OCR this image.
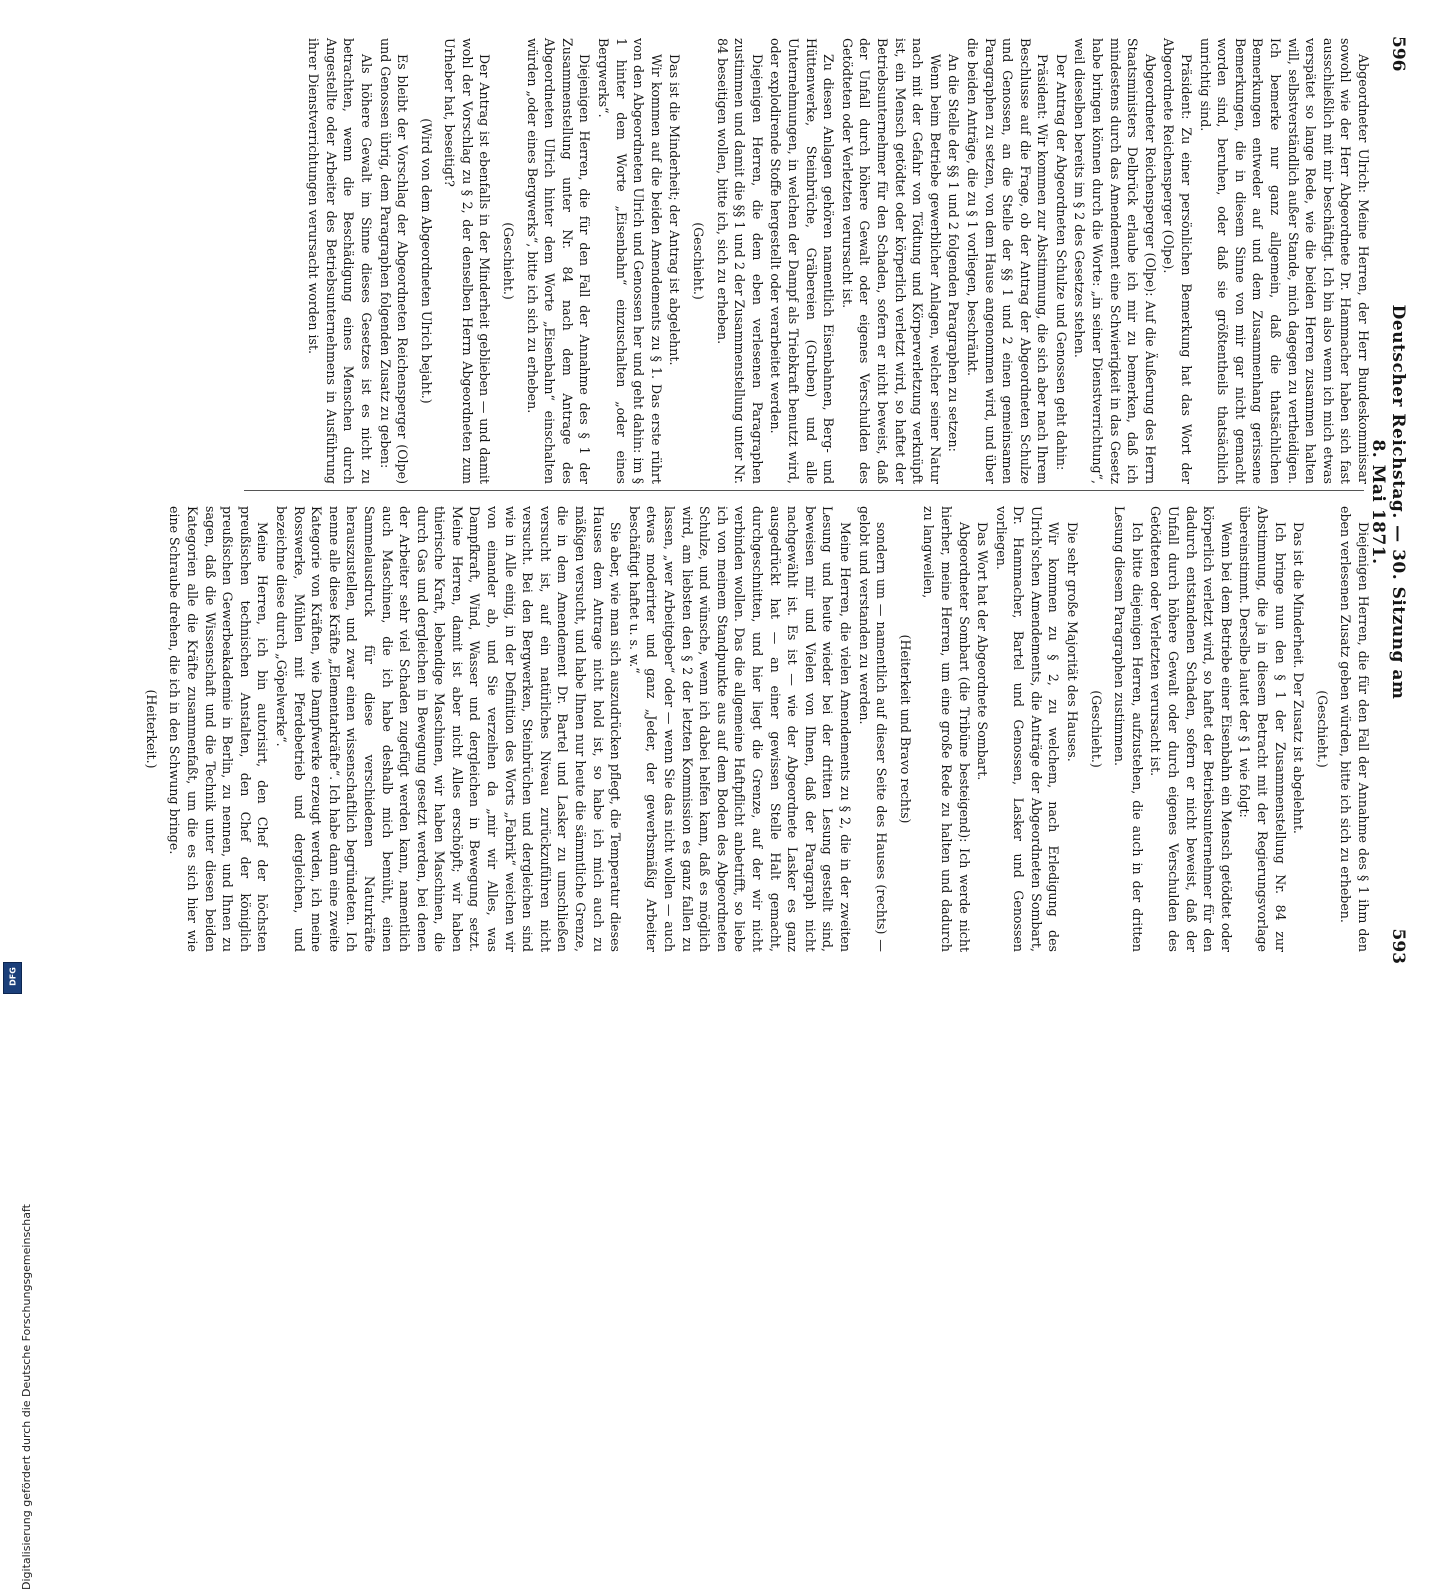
596
Deutscher Reichstag. — 30. Sitzung am 8. Mai 1871.
593

Abgeordneter Ulrich: Meine Herren, der Herr Bundeskommissar sowohl wie der Herr Abgeordnete Dr. Hammacher haben sich fast ausschließlich mit mir beschäftigt. Ich bin also wenn ich mich etwas verspätet so lange Rede, wie die beiden Herren zusammen halten will, selbstverständlich außer Stande, mich dagegen zu vertheidigen. Ich bemerke nur ganz allgemein, daß die thatsächlichen Bemerkungen entweder auf und dem Zusammenhang gerissene Bemerkungen, die in diesem Sinne von mir gar nicht gemacht worden sind, beruhen, oder daß sie größtentheils thatsächlich unrichtig sind.

Präsident: Zu einer persönlichen Bemerkung hat das Wort der Abgeordnete Reichensperger (Olpe).

Abgeordneter Reichensperger (Olpe): Auf die Äußerung des Herrn Staatsministers Delbrück erlaube ich mir zu bemerken, daß ich mindestens durch das Amendement eine Schwierigkeit in das Gesetz habe bringen können durch die Worte: „in seiner Dienstverrichtung“, weil dieselben bereits im § 2 des Gesetzes stehen.

Der Antrag der Abgeordneten Schulze und Genossen geht dahin:

Präsident: Wir kommen zur Abstimmung, die sich aber nach Ihrem Beschlusse auf die Frage, ob der Antrag der Abgeordneten Schulze und Genossen, an die Stelle der §§ 1 und 2 einen gemeinsamen Paragraphen zu setzen, von dem Hause angenommen wird, und über die beiden Anträge, die zu § 1 vorliegen, beschränkt.

An die Stelle der §§ 1 und 2 folgenden Paragraphen zu setzen:

Wenn beim Betriebe gewerblicher Anlagen, welcher seiner Natur nach mit der Gefahr von Tödtung und Körperverletzung verknüpft ist, ein Mensch getödtet oder körperlich verletzt wird, so haftet der Betriebsunternehmer für den Schaden, sofern er nicht beweist, daß der Unfall durch höhere Gewalt oder eigenes Verschulden des Getödteten oder Verletzten verursacht ist.

Zu diesen Anlagen gehören namentlich Eisenbahnen, Berg- und Hüttenwerke, Steinbrüche, Gräbereien (Gruben) und alle Unternehmungen, in welchen der Dampf als Triebkraft benutzt wird, oder explodirende Stoffe hergestellt oder verarbeitet werden.

Diejenigen Herren, die dem eben verlesenen Paragraphen zustimmen und damit die §§ 1 und 2 der Zusammenstellung unter Nr. 84 beseitigen wollen, bitte ich, sich zu erheben.

(Geschieht.)

Das ist die Minderheit; der Antrag ist abgelehnt.

Wir kommen auf die beiden Amendements zu § 1. Das erste rührt von den Abgeordneten Ulrich und Genossen her und geht dahin: im § 1 hinter dem Worte „Eisenbahn“ einzuschalten „oder eines Bergwerks“.

Diejenigen Herren, die für den Fall der Annahme des § 1 der Zusammenstellung unter Nr. 84 nach dem Antrage des Abgeordneten Ulrich hinter dem Worte „Eisenbahn“ einschalten würden „oder eines Bergwerks“, bitte ich sich zu erheben.

(Geschieht.)

Der Antrag ist ebenfalls in der Minderheit geblieben — und damit wohl der Vorschlag zu § 2, der denselben Herrn Abgeordneten zum Urheber hat, beseitigt?

(Wird von dem Abgeordneten Ulrich bejaht.)

Es bleibt der Vorschlag der Abgeordneten Reichensperger (Olpe) und Genossen übrig, dem Paragraphen folgenden Zusatz zu geben:

Als höhere Gewalt im Sinne dieses Gesetzes ist es nicht zu betrachten, wenn die Beschädigung eines Menschen durch Angestellte oder Arbeiter des Betriebsunternehmens in Ausführung ihrer Dienstverrichtungen verursacht worden ist.

Diejenigen Herren, die für den Fall der Annahme des § 1 ihm den eben verlesenen Zusatz geben würden, bitte ich sich zu erheben.

(Geschieht.)

Das ist die Minderheit. Der Zusatz ist abgelehnt.

Ich bringe nun den § 1 der Zusammenstellung Nr. 84 zur Abstimmung, die ja in diesem Betracht mit der Regierungsvorlage übereinstimmt. Derselbe lautet der § 1 wie folgt:

Wenn bei dem Betriebe einer Eisenbahn ein Mensch getödtet oder körperlich verletzt wird, so haftet der Betriebsunternehmer für den dadurch entstandenen Schaden, sofern er nicht beweist, daß der Unfall durch höhere Gewalt oder durch eigenes Verschulden des Getödteten oder Verletzten verursacht ist.

Ich bitte diejenigen Herren, aufzustehen, die auch in der dritten Lesung diesem Paragraphen zustimmen.

(Geschieht.)

Die sehr große Majorität des Hauses.

Wir kommen zu § 2, zu welchem, nach Erledigung des Ulrich'schen Amendements, die Anträge der Abgeordneten Sombart, Dr. Hammacher, Bartel und Genossen, Lasker und Genossen vorliegen.

Das Wort hat der Abgeordnete Sombart.

Abgeordneter Sombart (die Tribüne besteigend): Ich werde nicht hierher, meine Herren, um eine große Rede zu halten und dadurch zu langweilen,

(Heiterkeit und Bravo rechts)

sondern um — namentlich auf dieser Seite des Hauses (rechts) — gelobt und verstanden zu werden.

Meine Herren, die vielen Amendements zu § 2, die in der zweiten Lesung und heute wieder bei der dritten Lesung gestellt sind, beweisen mir und Vielen von Ihnen, daß der Paragraph nicht nachgewählt ist. Es ist — wie der Abgeordnete Lasker es ganz ausgedrückt hat — an einer gewissen Stelle Halt gemacht, durchgeschnitten, und hier liegt die Grenze, auf der wir nicht verbinden wollen. Das die allgemeine Haftpflicht anbetrifft, so liebe ich von meinem Standpunkte aus auf dem Boden des Abgeordneten Schulze, und wünsche, wenn ich dabei helfen kann, daß es möglich wird, am liebsten den § 2 der letzten Kommission es ganz fallen zu lassen, „wer Arbeitgeber“ oder — wenn Sie das nicht wollen — auch etwas moderirter und ganz „Jeder, der gewerbsmäßig Arbeiter beschäftigt haftet u. s. w.“

Sie aber, wie man sich auszudrücken pflegt, die Temperatur dieses Hauses dem Antrage nicht hold ist, so habe ich mich auch zu mäßigen versucht, und habe Ihnen nur heute die sämmtliche Grenze, die in dem Amendement Dr. Bartel und Lasker zu umschließen versucht ist, auf ein natürliches Niveau zurückzuführen nicht versucht. Bei den Bergwerken, Steinbrüchen und dergleichen sind wie in Alle einig, in der Definition des Worts „Fabrik“ weichen wir von einander ab, und Sie verzeihen da „mir wir Alles, was Dampfkraft, Wind, Wasser und dergleichen in Bewegung setzt. Meine Herren, damit ist aber nicht Alles erschöpft; wir haben thierische Kraft, lebendige Maschinen, wir haben Maschinen, die durch Gas und dergleichen in Bewegung gesetzt werden, bei denen der Arbeiter sehr viel Schaden zugefügt werden kann, namentlich auch Maschinen, die ich habe deshalb mich bemüht, einen Sammelausdruck für diese verschiedenen Naturkräfte herauszustellen, und zwar einen wissenschaftlich begründeten. Ich nenne alle diese Kräfte „Elementarkräfte“. Ich habe dann eine zweite Kategorie von Kräften, wie Dampfwerke erzeugt werden, ich meine Rosswerke, Mühlen mit Pferdebetrieb und dergleichen, und bezeichne diese durch „Göpelwerke“.

Meine Herren, ich bin autorisirt, den Chef der höchsten preußischen technischen Anstalten, den Chef der königlich preußischen Gewerbeakademie in Berlin, zu nennen, und Ihnen zu sagen, daß die Wissenschaft und die Technik unter diesen beiden Kategorien alle die Kräfte zusammenfaßt, um die es sich hier wie eine Schraube drehen, die ich in den Schwung bringe.

(Heiterkeit.)

Digitalisierung gefördert durch die Deutsche Forschungsgemeinschaft
DFG
